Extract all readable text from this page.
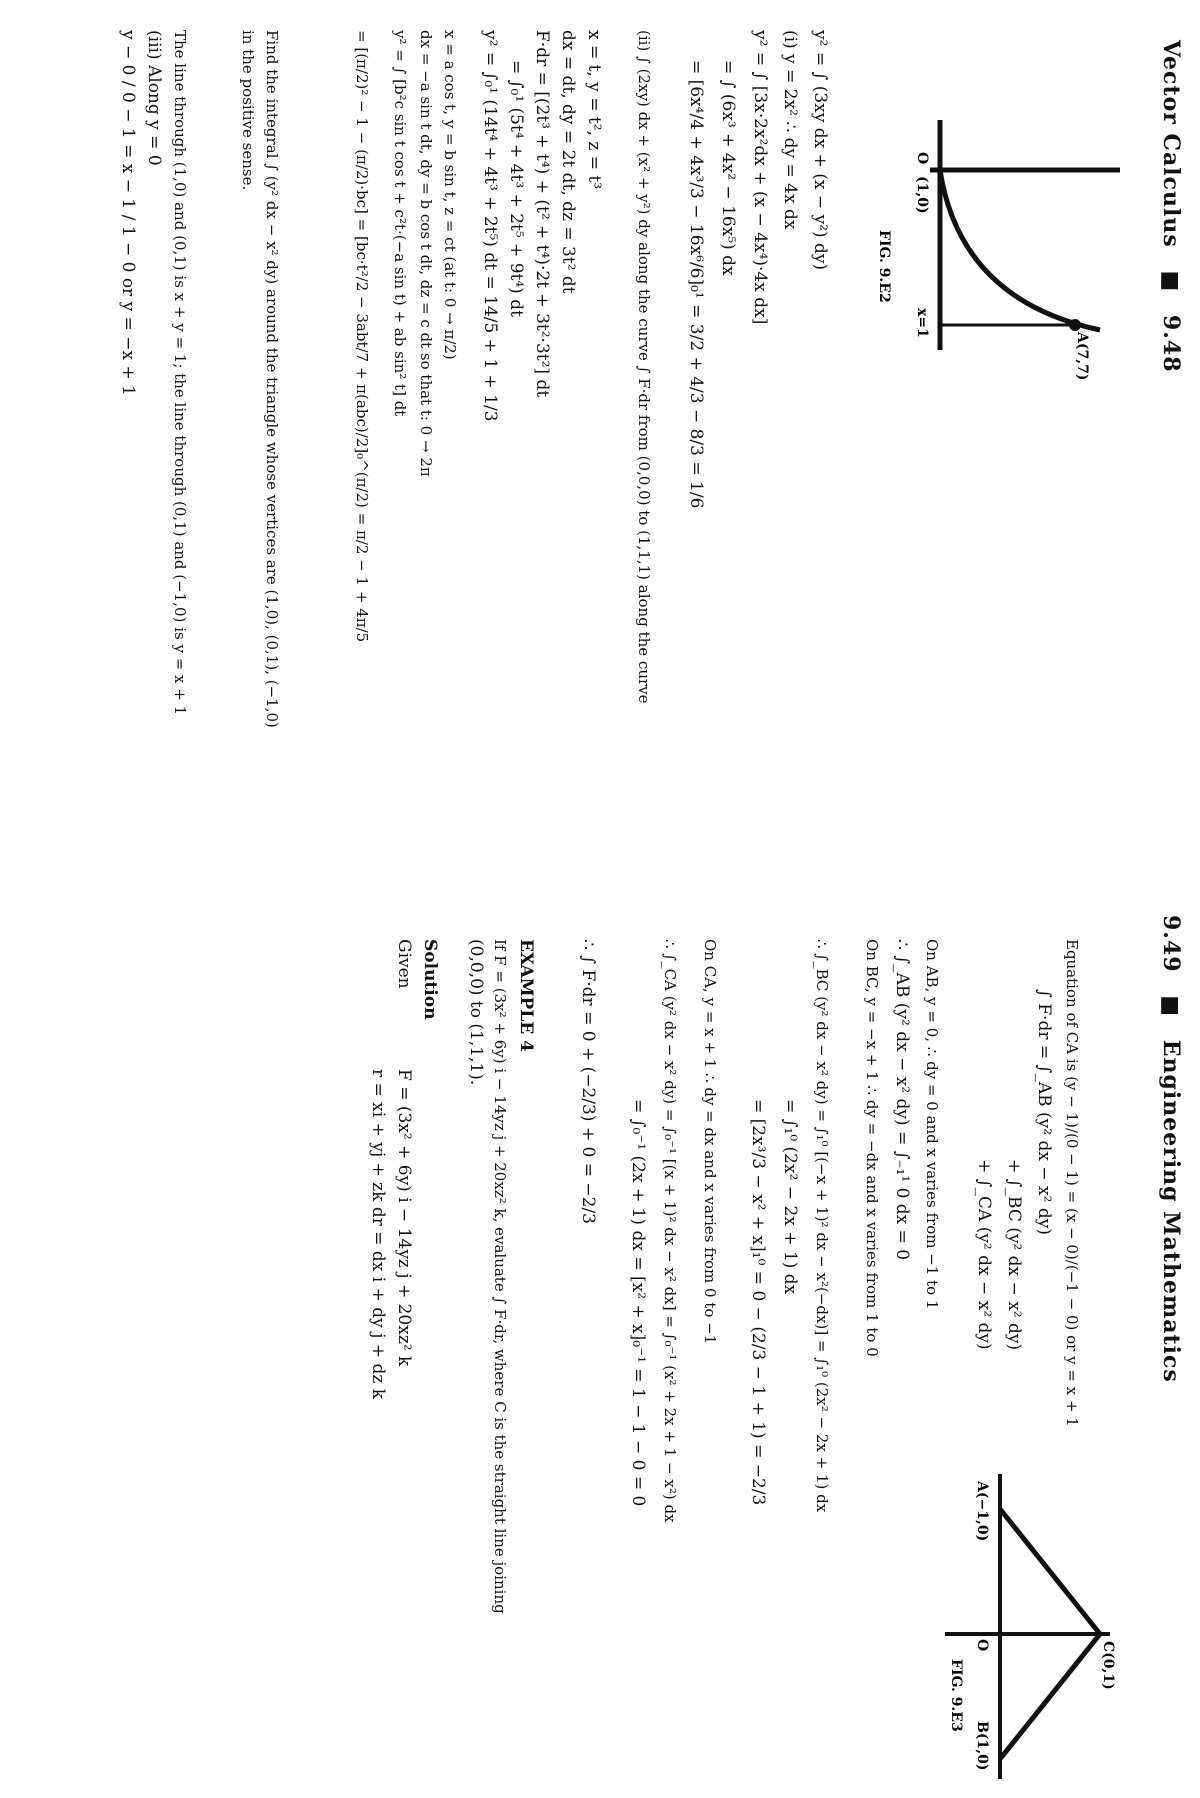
Vector Calculus ■ 9.48
A(7,7)
O
(1,0)
x=1
FIG. 9.E2
y² = ∫ (3xy dx + (x − y²) dy)
(i) y = 2x² ∴ dy = 4x dx
y² = ∫ [3x·2x²dx + (x − 4x⁴)·4x dx]
= ∫ (6x³ + 4x² − 16x⁵) dx
= [6x⁴/4 + 4x³/3 − 16x⁶/6]₀¹ = 3/2 + 4/3 − 8/3 = 1/6
(ii) ∫ (2xy) dx + (x² + y²) dy along the curve ∫ F·dr from (0,0,0) to (1,1,1) along the curve
x = t, y = t², z = t³
dx = dt, dy = 2t dt, dz = 3t² dt
F·dr = [(2t³ + t⁴) + (t² + t⁴)·2t + 3t²·3t²] dt
= ∫₀¹ (5t⁴ + 4t³ + 2t⁵ + 9t⁴) dt
y² = ∫₀¹ (14t⁴ + 4t³ + 2t⁵) dt = 14/5 + 1 + 1/3
x = a cos t, y = b sin t, z = ct (at t: 0 → π/2)
dx = −a sin t dt, dy = b cos t dt, dz = c dt so that t: 0 → 2π
y² = ∫ [b²c sin t cos t + c²t·(−a sin t) + ab sin² t] dt
= [(π/2)² − 1 − (π/2)·bc] = [bc·t²/2 − 3abt/7 + π(abc)/2]₀^(π/2) = π/2 − 1 + 4π/5
Find the integral ∫ (y² dx − x² dy) around the triangle whose vertices are (1,0), (0,1), (−1,0)
in the positive sense.
The line through (1,0) and (0,1) is x + y = 1; the line through (0,1) and (−1,0) is y = x + 1
(iii) Along y = 0
y − 0 / 0 − 1 = x − 1 / 1 − 0 or y = −x + 1
9.49 ■ Engineering Mathematics
C(0,1)
A(−1,0)
O
B(1,0)
FIG. 9.E3
Equation of CA is (y − 1)/(0 − 1) = (x − 0)/(−1 − 0) or y = x + 1
∫ F·dr = ∫_AB (y² dx − x² dy)
+ ∫_BC (y² dx − x² dy)
+ ∫_CA (y² dx − x² dy)
On AB, y = 0, ∴ dy = 0 and x varies from −1 to 1
∴ ∫_AB (y² dx − x² dy) = ∫₋₁¹ 0 dx = 0
On BC, y = −x + 1 ∴ dy = −dx and x varies from 1 to 0
∴ ∫_BC (y² dx − x² dy) = ∫₁⁰ [(−x + 1)² dx − x²(−dx)] = ∫₁⁰ (2x² − 2x + 1) dx
= ∫₁⁰ (2x² − 2x + 1) dx
= [2x³/3 − x² + x]₁⁰ = 0 − (2/3 − 1 + 1) = −2/3
On CA, y = x + 1 ∴ dy = dx and x varies from 0 to −1
∴ ∫_CA (y² dx − x² dy) = ∫₀⁻¹ [(x + 1)² dx − x² dx] = ∫₀⁻¹ (x² + 2x + 1 − x²) dx
= ∫₀⁻¹ (2x + 1) dx = [x² + x]₀⁻¹ = 1 − 1 − 0 = 0
∴ ∫ F·dr = 0 + (−2/3) + 0 = −2/3
EXAMPLE 4
If F = (3x² + 6y) i − 14yz j + 20xz² k, evaluate ∫ F·dr, where C is the straight line joining
(0,0,0) to (1,1,1).
Solution
Given
F = (3x² + 6y) i − 14yz j + 20xz² k
r = xi + yj + zk dr = dx i + dy j + dz k
